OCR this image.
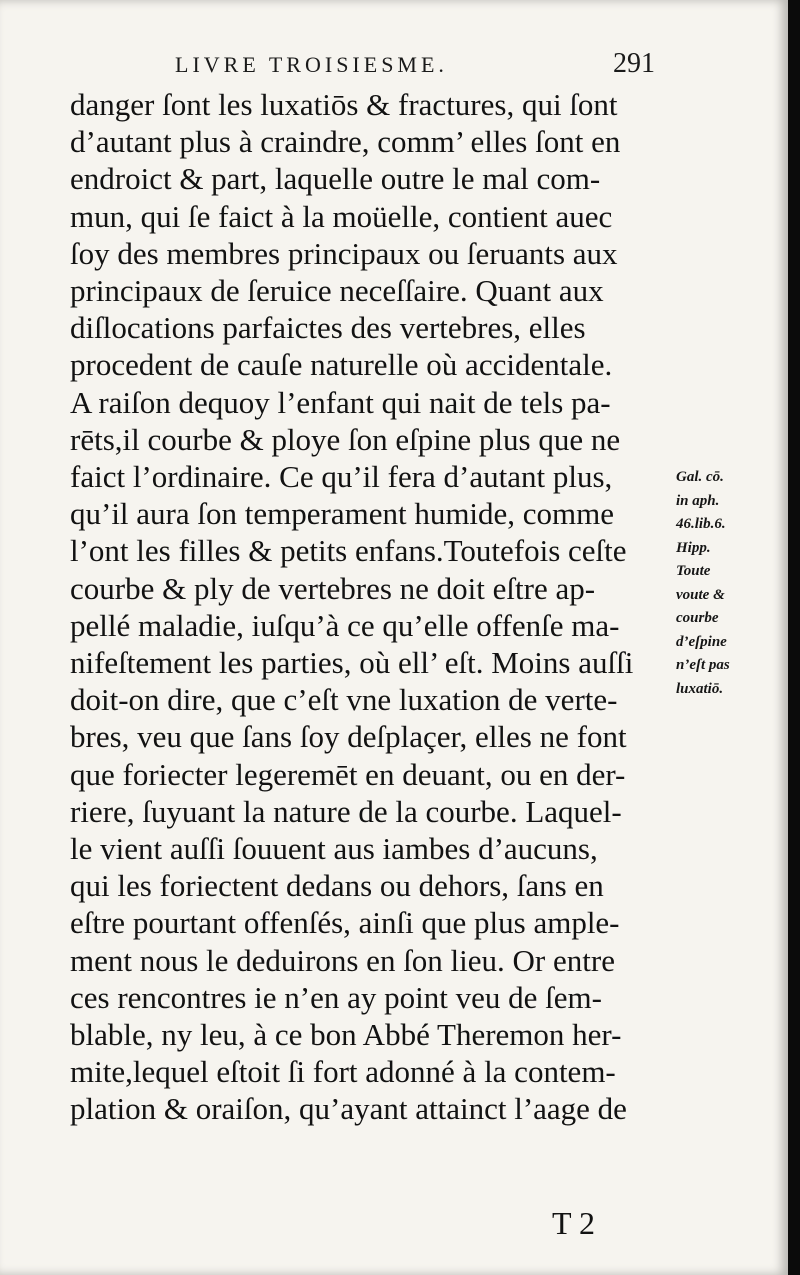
LIVRE TROISIESME.	291
danger ſont les luxatiōs & fractures, qui ſont
d’autant plus à craindre, comm’ elles ſont en
endroict & part, laquelle outre le mal com-
mun, qui ſe faict à la moüelle, contient auec
ſoy des membres principaux ou ſeruants aux
principaux de ſeruice neceſſaire. Quant aux
diſlocations parfaictes des vertebres, elles
procedent de cauſe naturelle où accidentale.
A raiſon dequoy l’enfant qui nait de tels pa-
rēts,il courbe & ploye ſon eſpine plus que ne
faict l’ordinaire. Ce qu’il fera d’autant plus,
qu’il aura ſon temperament humide, comme
l’ont les filles & petits enfans.Toutefois ceſte
courbe & ply de vertebres ne doit eſtre ap-
pellé maladie, iuſqu’à ce qu’elle offenſe ma-
nifeſtement les parties, où ell’ eſt. Moins auſſi
doit-on dire, que c’eſt vne luxation de verte-
bres, veu que ſans ſoy deſplaçer, elles ne font
que foriecter legeremēt en deuant, ou en der-
riere, ſuyuant la nature de la courbe. Laquel-
le vient auſſi ſouuent aus iambes d’aucuns,
qui les foriectent dedans ou dehors, ſans en
eſtre pourtant offenſés, ainſi que plus ample-
ment nous le deduirons en ſon lieu. Or entre
ces rencontres ie n’en ay point veu de ſem-
blable, ny leu, à ce bon Abbé Theremon her-
mite,lequel eſtoit ſi fort adonné à la contem-
plation & oraiſon, qu’ayant attainct l’aage de
Gal. cō.
in aph.
46.lib.6.
Hipp.
Toute
voute &
courbe
d’eſpine
n’eſt pas
luxatiō.
T 2
